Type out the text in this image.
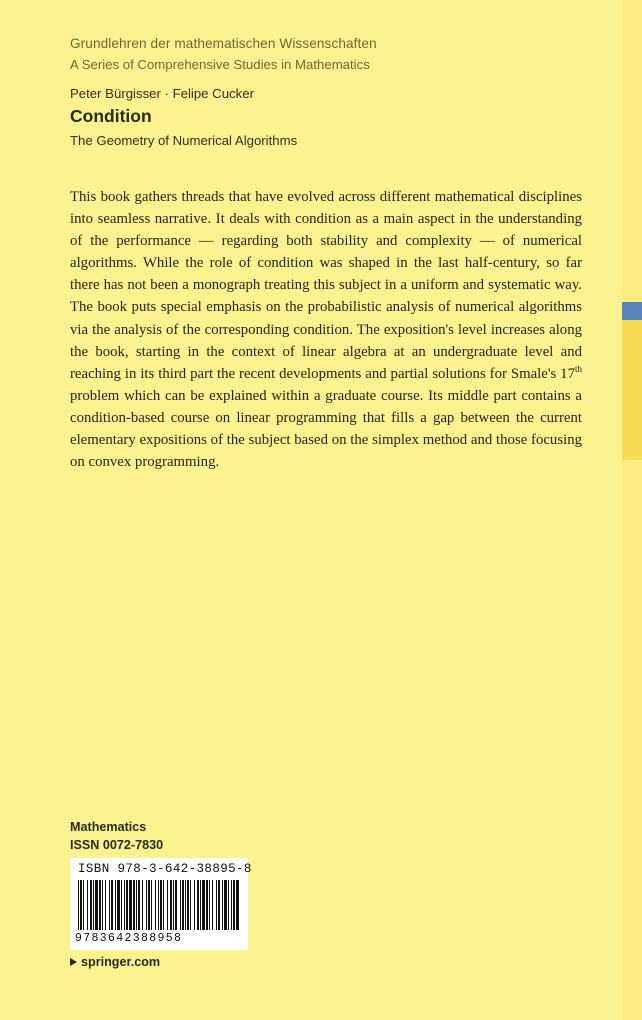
Grundlehren der mathematischen Wissenschaften
A Series of Comprehensive Studies in Mathematics
Peter Bürgisser · Felipe Cucker
Condition
The Geometry of Numerical Algorithms
This book gathers threads that have evolved across different mathematical disciplines into seamless narrative. It deals with condition as a main aspect in the understanding of the performance — regarding both stability and complexity — of numerical algorithms. While the role of condition was shaped in the last half-century, so far there has not been a monograph treating this subject in a uniform and systematic way. The book puts special emphasis on the probabilistic analysis of numerical algorithms via the analysis of the corresponding condition. The exposition's level increases along the book, starting in the context of linear algebra at an undergraduate level and reaching in its third part the recent developments and partial solutions for Smale's 17th problem which can be explained within a graduate course. Its middle part contains a condition-based course on linear programming that fills a gap between the current elementary expositions of the subject based on the simplex method and those focusing on convex programming.
Mathematics
ISSN 0072-7830
ISBN 978-3-642-38895-8
9783642388958
springer.com
